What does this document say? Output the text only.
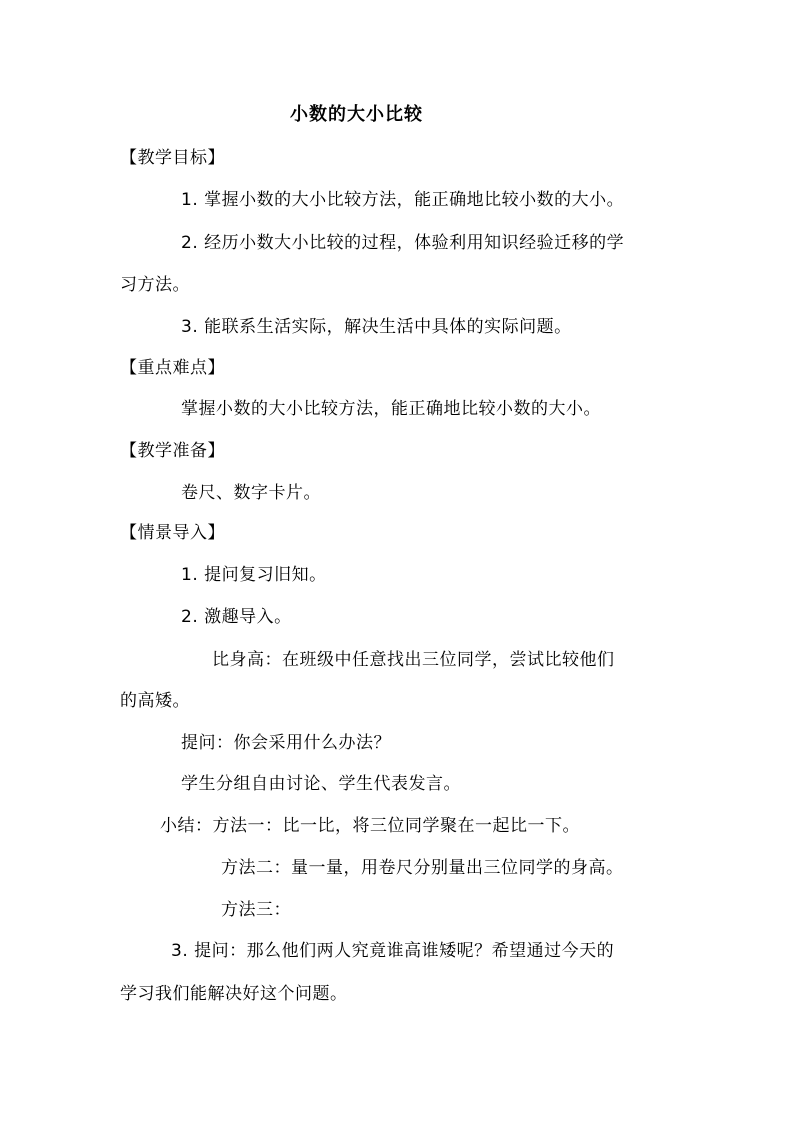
小数的大小比较
【教学目标】
1. 掌握小数的大小比较方法，能正确地比较小数的大小。
2. 经历小数大小比较的过程，体验利用知识经验迁移的学
习方法。
3. 能联系生活实际，解决生活中具体的实际问题。
【重点难点】
掌握小数的大小比较方法，能正确地比较小数的大小。
【教学准备】
卷尺、数字卡片。
【情景导入】
1. 提问复习旧知。
2. 激趣导入。
比身高：在班级中任意找出三位同学，尝试比较他们
的高矮。
提问：你会采用什么办法？
学生分组自由讨论、学生代表发言。
小结：方法一：比一比，将三位同学聚在一起比一下。
方法二：量一量，用卷尺分别量出三位同学的身高。
方法三：
3. 提问：那么他们两人究竟谁高谁矮呢？希望通过今天的
学习我们能解决好这个问题。
